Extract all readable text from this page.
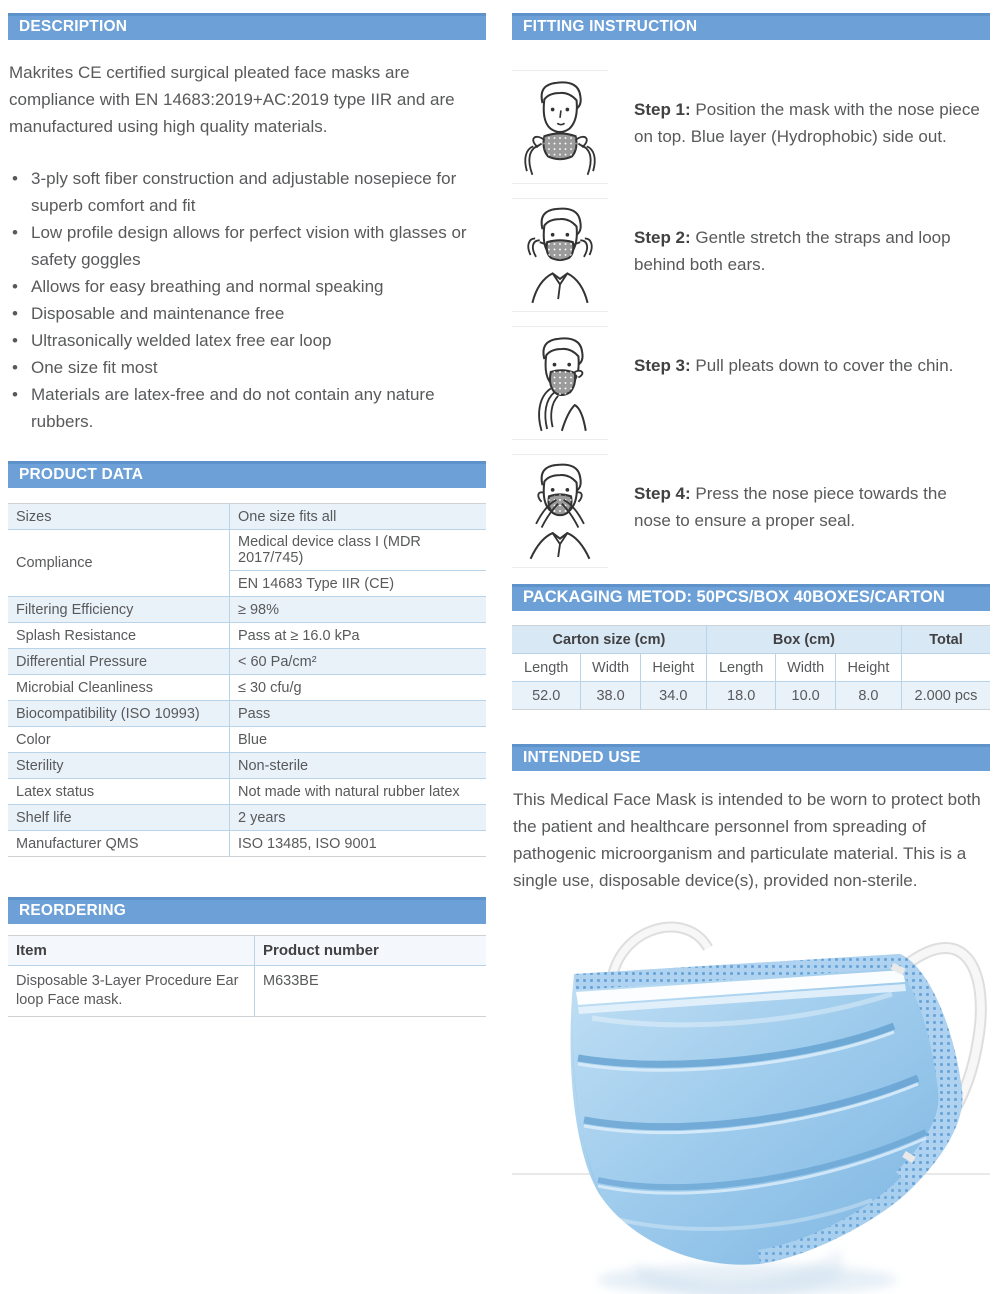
DESCRIPTION

Makrites CE certified surgical pleated face masks are compliance with EN 14683:2019+AC:2019 type IIR and are manufactured using high quality materials.

• 3-ply soft fiber construction and adjustable nosepiece for superb comfort and fit
• Low profile design allows for perfect vision with glasses or safety goggles
• Allows for easy breathing and normal speaking
• Disposable and maintenance free
• Ultrasonically welded latex free ear loop
• One size fit most
• Materials are latex-free and do not contain any nature rubbers.
PRODUCT DATA
Sizes	One size fits all
Compliance	Medical device class I (MDR 2017/745)
	EN 14683 Type IIR (CE)
Filtering Efficiency	≥ 98%
Splash Resistance	Pass at ≥ 16.0 kPa
Differential Pressure	< 60 Pa/cm²
Microbial Cleanliness	≤ 30 cfu/g
Biocompatibility (ISO 10993)	Pass
Color	Blue
Sterility	Non-sterile
Latex status	Not made with natural rubber latex
Shelf life	2 years
Manufacturer QMS	ISO 13485, ISO 9001
REORDERING
Item	Product number
Disposable 3-Layer Procedure Ear loop Face mask.	M633BE
FITTING INSTRUCTION

Step 1: Position the mask with the nose piece on top. Blue layer (Hydrophobic) side out.

Step 2: Gentle stretch the straps and loop behind both ears.

Step 3: Pull pleats down to cover the chin.

Step 4: Press the nose piece towards the nose to ensure a proper seal.

PACKAGING METOD: 50PCS/BOX 40BOXES/CARTON
Carton size (cm)			Box (cm)			Total
Length	Width	Height	Length	Width	Height	
52.0	38.0	34.0	18.0	10.0	8.0	2.000 pcs
INTENDED USE

This Medical Face Mask is intended to be worn to protect both the patient and healthcare personnel from spreading of pathogenic microorganism and particulate material. This is a single use, disposable device(s), provided non-sterile.
